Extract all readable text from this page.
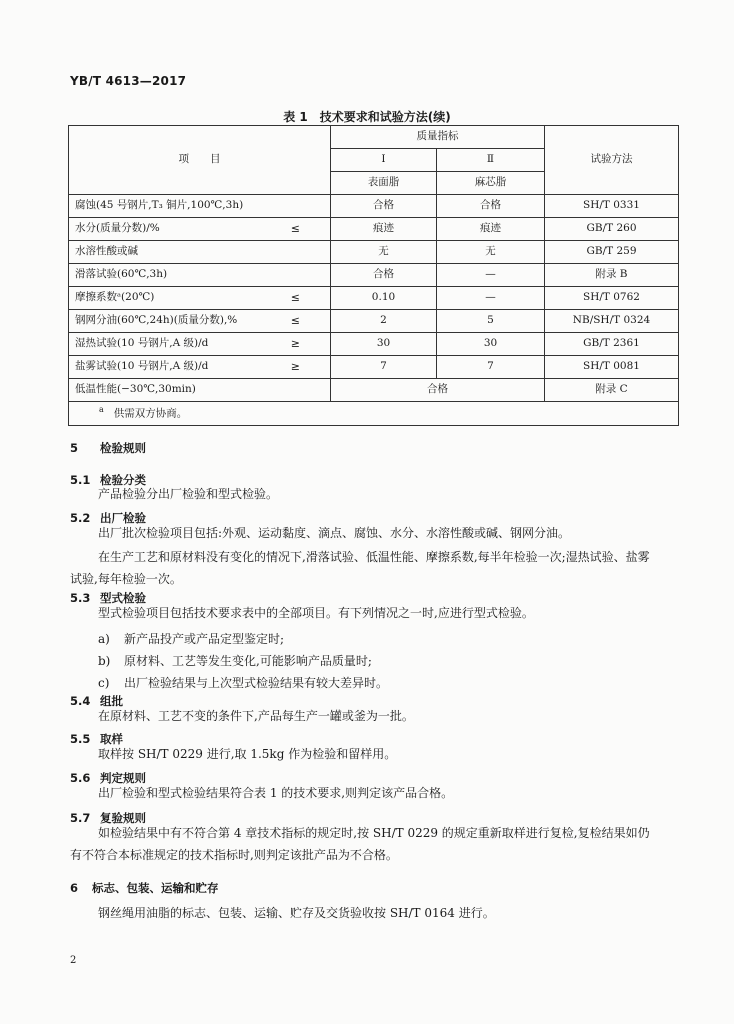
YB/T 4613—2017
表 1　技术要求和试验方法(续)
项　　目	质量指标		试验方法
	Ⅰ	Ⅱ	
	表面脂	麻芯脂	
腐蚀(45 号钢片,T₃ 铜片,100℃,3h)	合格	合格	SH/T 0331
水分(质量分数)/% ≤	痕迹	痕迹	GB/T 260
水溶性酸或碱	无	无	GB/T 259
滑落试验(60℃,3h)	合格	—	附录 B
摩擦系数ᵃ(20℃) ≤	0.10	—	SH/T 0762
钢网分油(60℃,24h)(质量分数),% ≤	2	5	NB/SH/T 0324
湿热试验(10 号钢片,A 级)/d ≥	30	30	GB/T 2361
盐雾试验(10 号钢片,A 级)/d ≥	7	7	SH/T 0081
低温性能(−30℃,30min)	合格		附录 C
$^a$ 供需双方协商。			
5 检验规则
5.1 检验分类
产品检验分出厂检验和型式检验。
5.2 出厂检验
出厂批次检验项目包括:外观、运动黏度、滴点、腐蚀、水分、水溶性酸或碱、钢网分油。
在生产工艺和原材料没有变化的情况下,滑落试验、低温性能、摩擦系数,每半年检验一次;湿热试验、盐雾试验,每年检验一次。
5.3 型式检验
型式检验项目包括技术要求表中的全部项目。有下列情况之一时,应进行型式检验。
a) 新产品投产或产品定型鉴定时;
b) 原材料、工艺等发生变化,可能影响产品质量时;
c) 出厂检验结果与上次型式检验结果有较大差异时。
5.4 组批
在原材料、工艺不变的条件下,产品每生产一罐或釜为一批。
5.5 取样
取样按 SH/T 0229 进行,取 1.5kg 作为检验和留样用。
5.6 判定规则
出厂检验和型式检验结果符合表 1 的技术要求,则判定该产品合格。
5.7 复验规则
如检验结果中有不符合第 4 章技术指标的规定时,按 SH/T 0229 的规定重新取样进行复检,复检结果如仍有不符合本标准规定的技术指标时,则判定该批产品为不合格。
6 标志、包装、运输和贮存
钢丝绳用油脂的标志、包装、运输、贮存及交货验收按 SH/T 0164 进行。
2
